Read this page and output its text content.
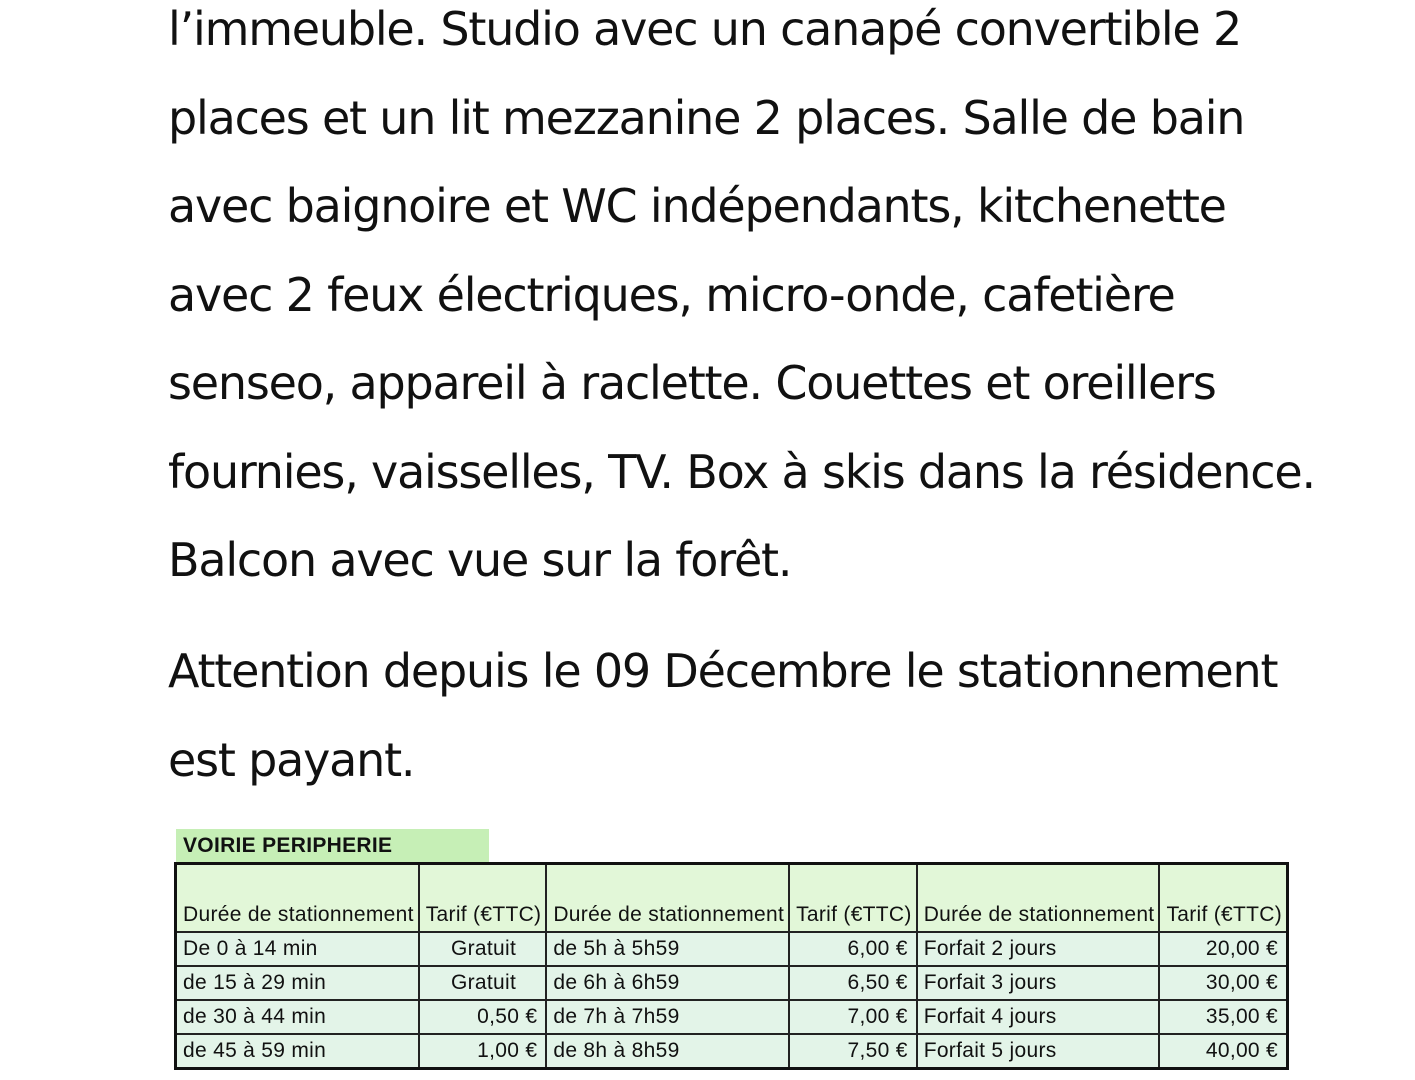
l’immeuble. Studio avec un canapé convertible 2
places et un lit mezzanine 2 places. Salle de bain
avec baignoire et WC indépendants, kitchenette
avec 2 feux électriques, micro-onde, cafetière
senseo, appareil à raclette. Couettes et oreillers
fournies, vaisselles, TV. Box à skis dans la résidence.
Balcon avec vue sur la forêt.
Attention depuis le 09 Décembre le stationnement
est payant.
VOIRIE PERIPHERIE
Durée de stationnement	Tarif (€TTC)	Durée de stationnement	Tarif (€TTC)	Durée de stationnement	Tarif (€TTC)
De 0 à 14 min	Gratuit	de 5h à 5h59	6,00 €	Forfait 2 jours	20,00 €
de 15 à 29 min	Gratuit	de 6h à 6h59	6,50 €	Forfait 3 jours	30,00 €
de 30 à 44 min	0,50 €	de 7h à 7h59	7,00 €	Forfait 4 jours	35,00 €
de 45 à 59 min	1,00 €	de 8h à 8h59	7,50 €	Forfait 5 jours	40,00 €
